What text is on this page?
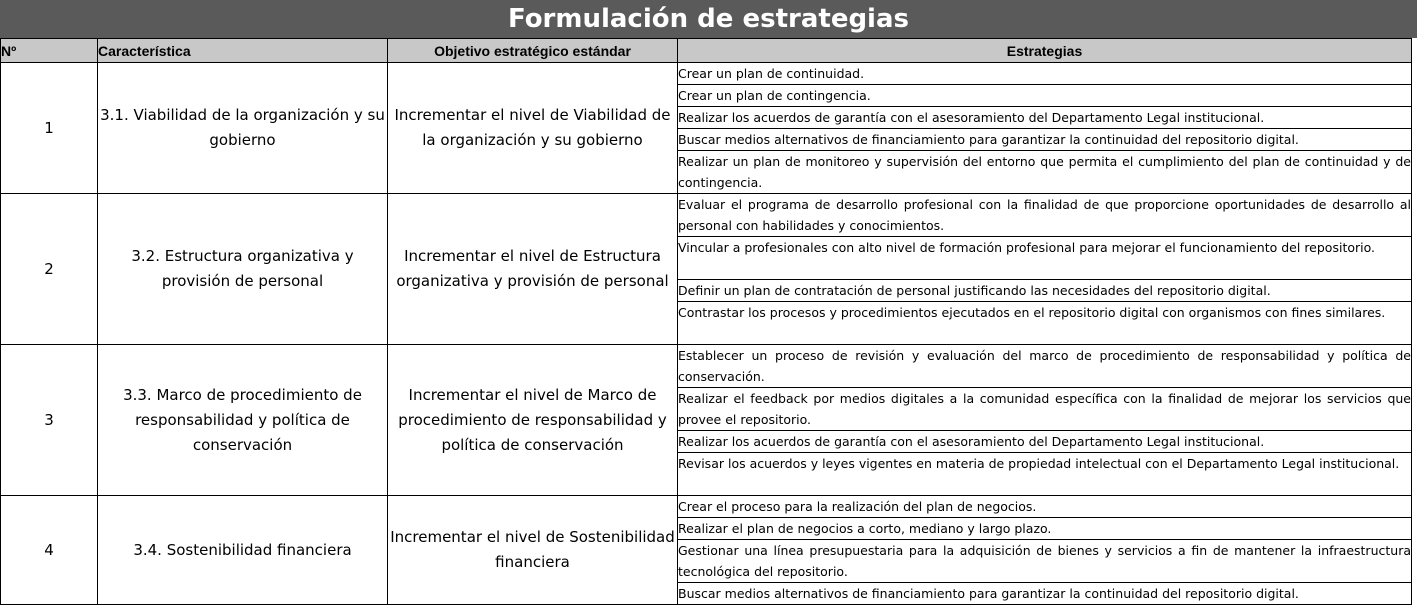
Formulación de estrategias
Nº	Característica	Objetivo estratégico estándar	Estrategias
1	3.1. Viabilidad de la organización y su gobierno	Incrementar el nivel de Viabilidad de la organización y su gobierno	Crear un plan de continuidad.
			Crear un plan de contingencia.
			Realizar los acuerdos de garantía con el asesoramiento del Departamento Legal institucional.
			Buscar medios alternativos de financiamiento para garantizar la continuidad del repositorio digital.
			Realizar un plan de monitoreo y supervisión del entorno que permita el cumplimiento del plan de continuidad y de contingencia.
2	3.2. Estructura organizativa y provisión de personal	Incrementar el nivel de Estructura organizativa y provisión de personal	Evaluar el programa de desarrollo profesional con la finalidad de que proporcione oportunidades de desarrollo al personal con habilidades y conocimientos.
			Vincular a profesionales con alto nivel de formación profesional para mejorar el funcionamiento del repositorio.
			Definir un plan de contratación de personal justificando las necesidades del repositorio digital.
			Contrastar los procesos y procedimientos ejecutados en el repositorio digital con organismos con fines similares.
3	3.3. Marco de procedimiento de responsabilidad y política de conservación	Incrementar el nivel de Marco de procedimiento de responsabilidad y política de conservación	Establecer un proceso de revisión y evaluación del marco de procedimiento de responsabilidad y política de conservación.
			Realizar el feedback por medios digitales a la comunidad específica con la finalidad de mejorar los servicios que provee el repositorio.
			Realizar los acuerdos de garantía con el asesoramiento del Departamento Legal institucional.
			Revisar los acuerdos y leyes vigentes en materia de propiedad intelectual con el Departamento Legal institucional.
4	3.4. Sostenibilidad financiera	Incrementar el nivel de Sostenibilidad financiera	Crear el proceso para la realización del plan de negocios.
			Realizar el plan de negocios a corto, mediano y largo plazo.
			Gestionar una línea presupuestaria para la adquisición de bienes y servicios a fin de mantener la infraestructura tecnológica del repositorio.
			Buscar medios alternativos de financiamiento para garantizar la continuidad del repositorio digital.
